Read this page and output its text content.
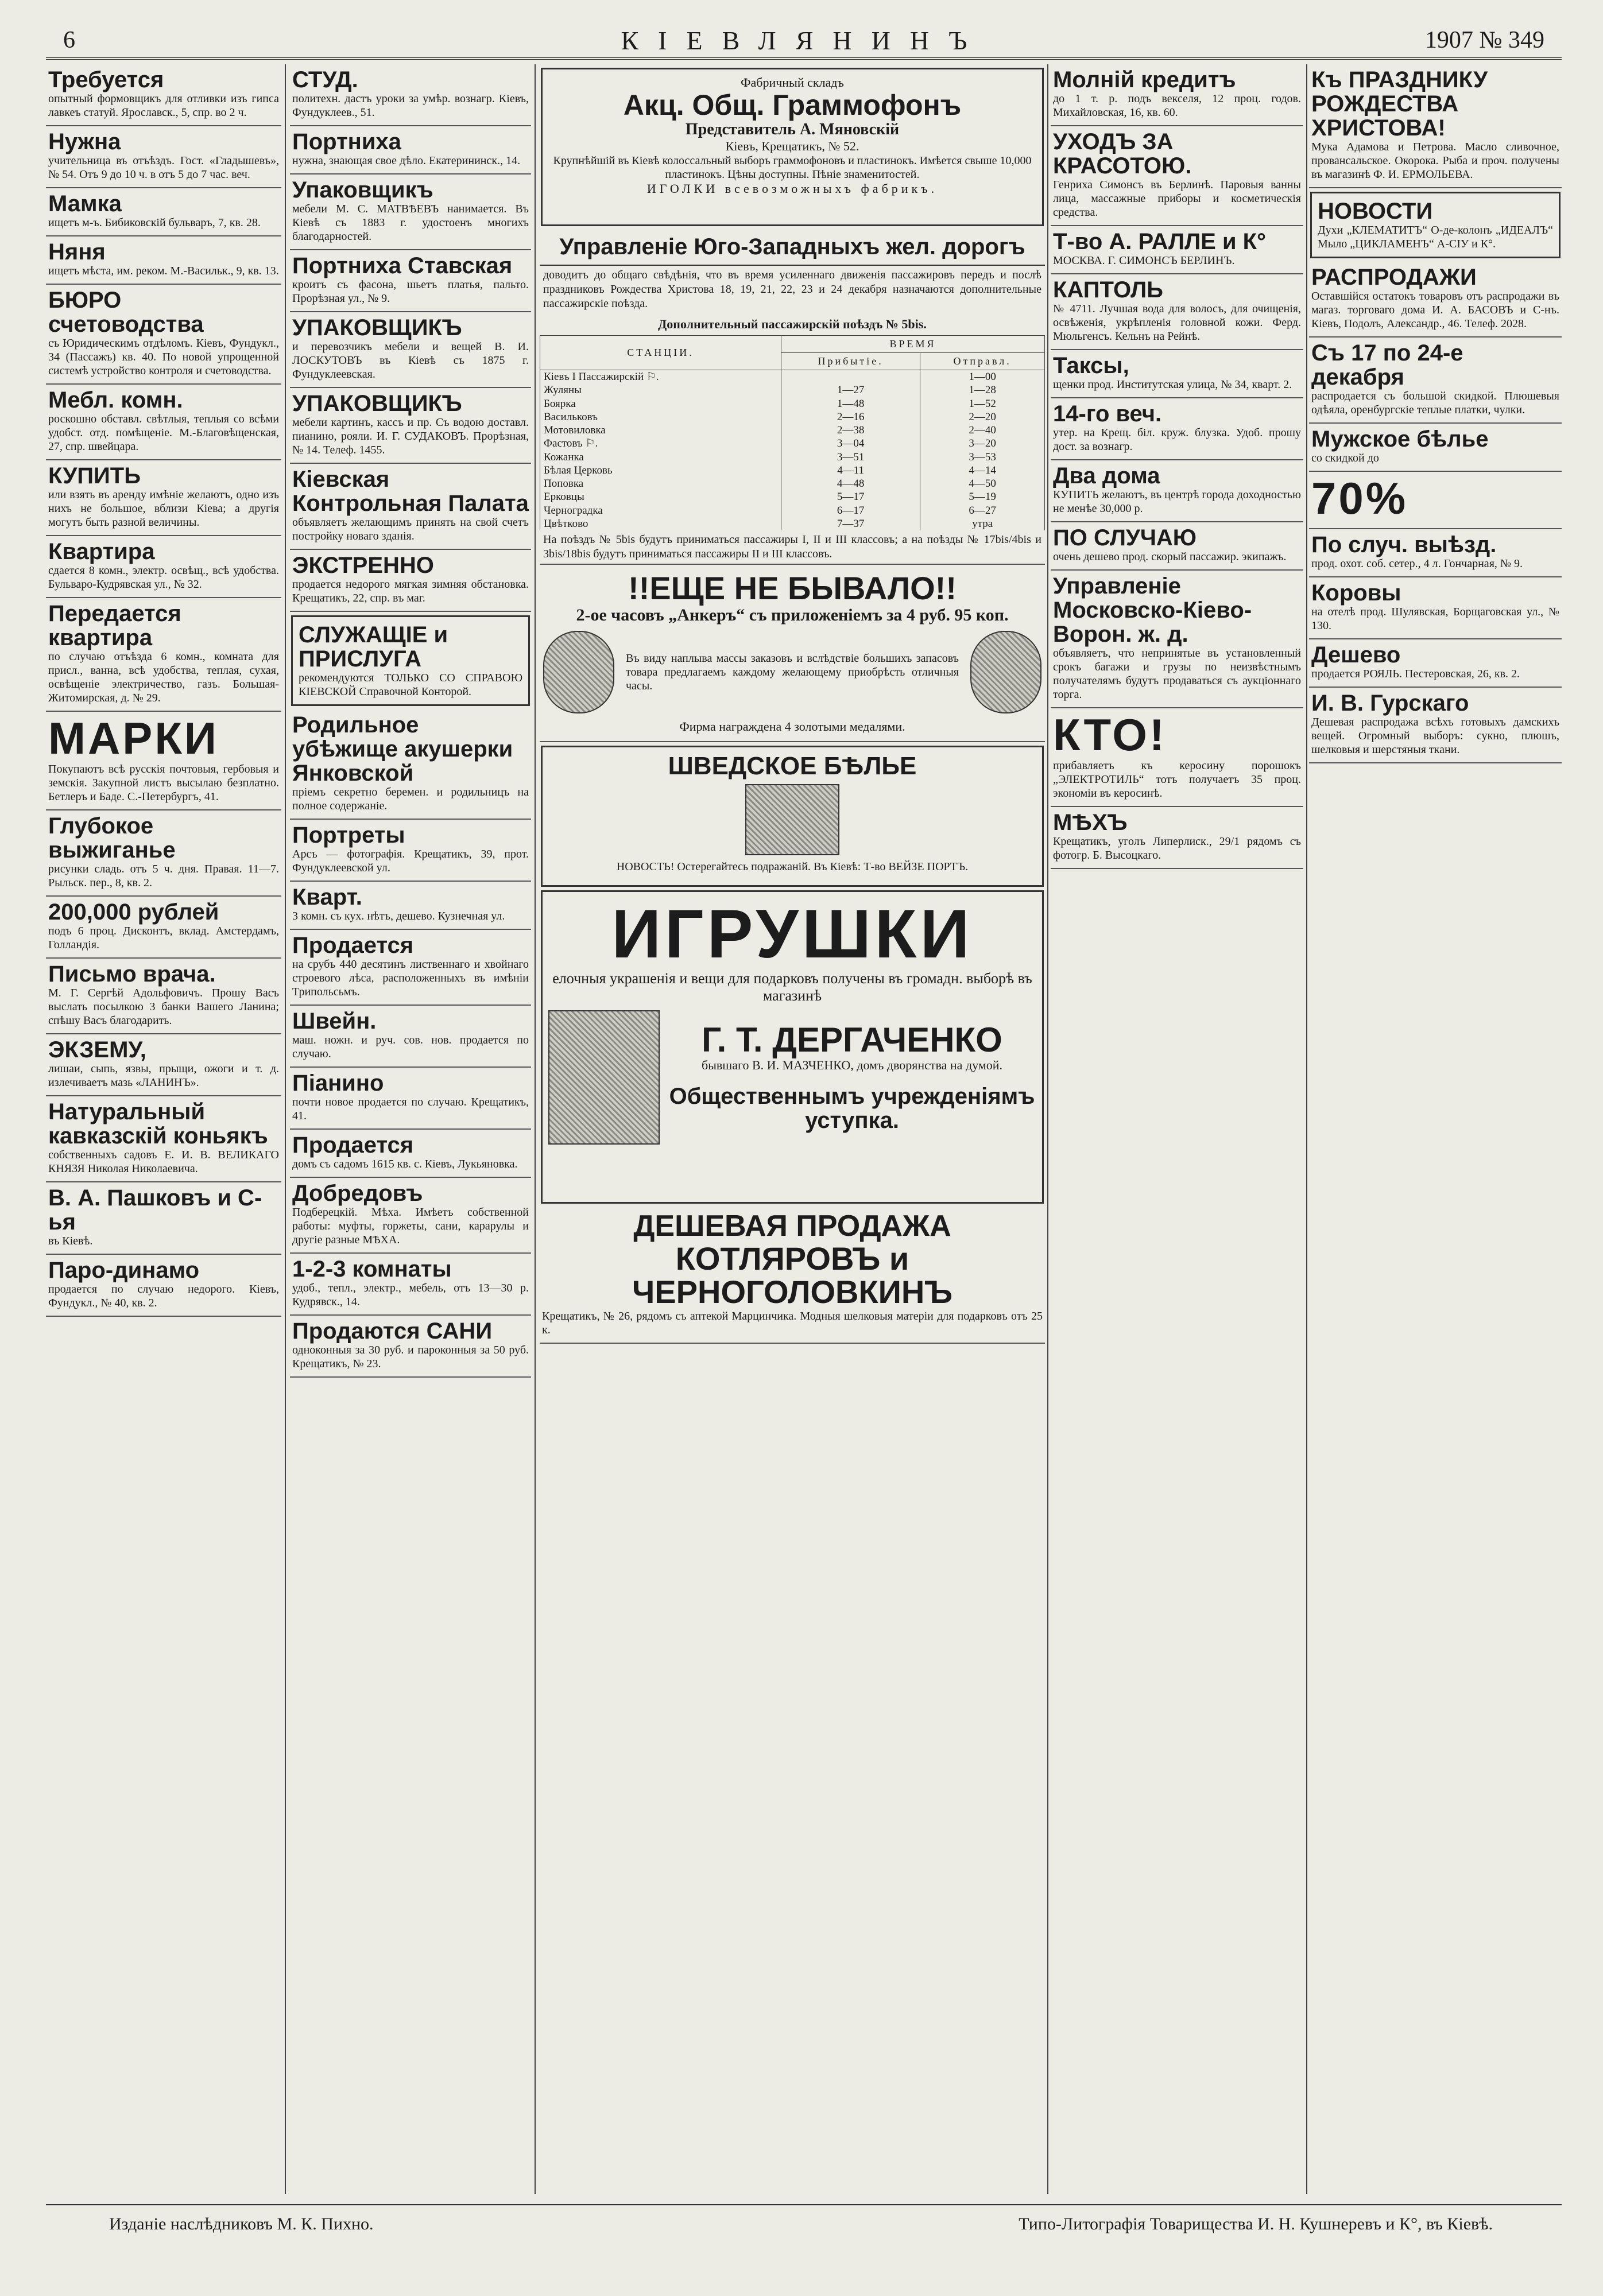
6	КІЕВЛЯНИНЪ	1907 № 349
Требуется
опытный формовщикъ для отливки изъ гипса лавкеъ статуй. Ярославск., 5, спр. во 2 ч.
Нужна
учительница въ отъѣздъ. Гост. «Гладышевъ», № 54. Отъ 9 до 10 ч. в отъ 5 до 7 час. веч.
Мамка
ищетъ м-ъ. Бибиковскій бульваръ, 7, кв. 28.
Няня
ищетъ мѣста, им. реком. М.-Васильк., 9, кв. 13.
БЮРО счетоводства
съ Юридическимъ отдѣломъ. Кіевъ, Фундукл., 34 (Пассажъ) кв. 40. По новой упрощенной системѣ устройство контроля и счетоводства.
Мебл. комн.
роскошно обставл. свѣтлыя, теплыя со всѣми удобст. отд. помѣщеніе. М.-Благовѣщенская, 27, спр. швейцара.
КУПИТЬ
или взять въ аренду имѣніе желаютъ, одно изъ нихъ не большое, вблизи Кіева; а другія могутъ быть разной величины.
Квартира
сдается 8 комн., электр. освѣщ., всѣ удобства. Бульваро-Кудрявская ул., № 32.
Передается квартира
по случаю отъѣзда 6 комн., комната для присл., ванна, всѣ удобства, теплая, сухая, освѣщеніе электричество, газъ. Большая-Житомирская, д. № 29.
МАРКИ
Покупаютъ всѣ русскія почтовыя, гербовыя и земскія. Закупной листъ высылаю безплатно. Бетлеръ и Баде. С.-Петербургъ, 41.
Глубокое выжиганье
рисунки сладь. отъ 5 ч. дня. Правая. 11—7. Рыльск. пер., 8, кв. 2.
200,000 рублей
подъ 6 проц. Дисконтъ, вклад. Амстердамъ, Голландія.
Письмо врача.
М. Г. Сергѣй Адольфовичъ. Прошу Васъ выслать посылкою 3 банки Вашего Ланина; спѣшу Васъ благодарить.
ЭКЗЕМУ,
лишаи, сыпь, язвы, прыщи, ожоги и т. д. излечиваетъ мазь «ЛАНИНЪ».
Натуральный кавказскій коньякъ
собственныхъ садовъ Е. И. В. ВЕЛИКАГО КНЯЗЯ Николая Николаевича.
В. А. Пашковъ и С-ья
въ Кіевѣ.
Паро-динамо
продается по случаю недорого. Кіевъ, Фундукл., № 40, кв. 2.
СТУД.
политехн. дастъ уроки за умѣр. вознагр. Кіевъ, Фундуклеев., 51.
Портниха
нужна, знающая свое дѣло. Екатерининск., 14.
Упаковщикъ
мебели М. С. МАТВѢЕВЪ нанимается. Въ Кіевѣ съ 1883 г. удостоенъ многихъ благодарностей.
Портниха Ставская
кроитъ съ фасона, шьетъ платья, пальто. Прорѣзная ул., № 9.
УПАКОВЩИКЪ
и перевозчикъ мебели и вещей В. И. ЛОСКУТОВЪ въ Кіевѣ съ 1875 г. Фундуклеевская.
УПАКОВЩИКЪ
мебели картинъ, кассъ и пр. Съ водою доставл. пианино, рояли. И. Г. СУДАКОВЪ. Прорѣзная, № 14. Телеф. 1455.
Кіевская Контрольная Палата
объявляетъ желающимъ принять на свой счетъ постройку новаго зданія.
ЭКСТРЕННО
продается недорого мягкая зимняя обстановка. Крещатикъ, 22, спр. въ маг.
СЛУЖАЩІЕ и ПРИСЛУГА
рекомендуются ТОЛЬКО СО СПРАВОЮ КІЕВСКОЙ Справочной Конторой.
Родильное убѣжище акушерки Янковской
пріемъ секретно беремен. и родильницъ на полное содержаніе.
Портреты
Арсъ — фотографія. Крещатикъ, 39, прот. Фундуклеевской ул.
Кварт.
3 комн. съ кух. нѣтъ, дешево. Кузнечная ул.
Продается
на срубъ 440 десятинъ лиственнаго и хвойнаго строевого лѣса, расположенныхъ въ имѣніи Трипольсьмъ.
Швейн.
маш. ножн. и руч. сов. нов. продается по случаю.
Піанино
почти новое продается по случаю. Крещатикъ, 41.
Продается
домъ съ садомъ 1615 кв. с. Кіевъ, Лукьяновка.
Добредовъ
Подберецкій. Мѣха. Имѣетъ собственной работы: муфты, горжеты, сани, карарулы и другіе разные МѢХА.
1-2-3 комнаты
удоб., тепл., электр., мебель, отъ 13—30 р. Кудрявск., 14.
Продаются САНИ
одноконныя за 30 руб. и пароконныя за 50 руб. Крещатикъ, № 23.
Фабричный складъ
Акц. Общ. Граммофонъ
Представитель А. Мяновскій
Кіевъ, Крещатикъ, № 52.
Крупнѣйшій въ Кіевѣ колоссальный выборъ граммофоновъ и пластинокъ. Имѣется свыше 10,000 пластинокъ. Цѣны доступны. Пѣніе знаменитостей.
ИГОЛКИ всевозможныхъ фабрикъ.
Управленіе Юго-Западныхъ жел. дорогъ
доводитъ до общаго свѣдѣнія, что въ время усиленнаго движенія пассажировъ передъ и послѣ праздниковъ Рождества Христова 18, 19, 21, 22, 23 и 24 декабря назначаются дополнительные пассажирскіе поѣзда.
Дополнительный пассажирскій поѣздъ № 5bis.
СТАНЦІИ.	ВРЕМЯ	
	Прибытіе.	Отправл.
Кіевъ I Пассажирскій ⚐.		1—00
Жуляны	1—27	1—28
Боярка	1—48	1—52
Васильковъ	2—16	2—20
Мотовиловка	2—38	2—40
Фастовъ ⚐.	3—04	3—20
Кожанка	3—51	3—53
Бѣлая Церковь	4—11	4—14
Поповка	4—48	4—50
Ерковцы	5—17	5—19
Черноградка	6—17	6—27
Цвѣтково	7—37	утра
На поѣздъ № 5bis будутъ приниматься пассажиры I, II и III классовъ; а на поѣзды № 17bis/4bis и 3bis/18bis будутъ приниматься пассажиры II и III классовъ.
!!ЕЩЕ НЕ БЫВАЛО!!
2-ое часовъ „Анкеръ“ съ приложеніемъ за 4 руб. 95 коп.
Въ виду наплыва массы заказовъ и вслѣдствіе большихъ запасовъ товара предлагаемъ каждому желающему приобрѣсть отличныя часы.
Фирма награждена 4 золотыми медалями.
ШВЕДСКОЕ БѢЛЬЕ
НОВОСТЬ! Остерегайтесь подражаній. Въ Кіевѣ: Т-во ВЕЙЗЕ ПОРТЪ.
ИГРУШКИ
елочныя украшенія и вещи для подарковъ получены въ громадн. выборѣ въ магазинѣ
Г. Т. ДЕРГАЧЕНКО
бывшаго В. И. МАЗЧЕНКО, домъ дворянства на думой.
Общественнымъ учрежденіямъ уступка.
ДЕШЕВАЯ ПРОДАЖА
КОТЛЯРОВЪ и ЧЕРНОГОЛОВКИНЪ
Крещатикъ, № 26, рядомъ съ аптекой Марцинчика. Модныя шелковыя матеріи для подарковъ отъ 25 к.
Молній кредитъ
до 1 т. р. подъ векселя, 12 проц. годов. Михайловская, 16, кв. 60.
УХОДЪ ЗА КРАСОТОЮ.
Генриха Симонсъ въ Берлинѣ. Паровыя ванны лица, массажные приборы и косметическія средства.
Т-во А. РАЛЛЕ и К°
МОСКВА. Г. СИМОНСЪ БЕРЛИНЪ.
КАПТОЛЬ
№ 4711. Лучшая вода для волосъ, для очищенія, освѣженія, укрѣпленія головной кожи. Ферд. Мюльгенсъ. Кельнъ на Рейнѣ.
Таксы,
щенки прод. Институтская улица, № 34, кварт. 2.
14-го веч.
утер. на Крещ. біл. круж. блузка. Удоб. прошу дост. за вознагр.
Два дома
КУПИТЬ желаютъ, въ центрѣ города доходностью не менѣе 30,000 р.
ПО СЛУЧАЮ
очень дешево прод. скорый пассажир. экипажъ.
Управленіе Московско-Кіево-Ворон. ж. д.
объявляетъ, что непринятые въ установленный срокъ багажи и грузы по неизвѣстнымъ получателямъ будутъ продаваться съ аукціоннаго торга.
КТО!
прибавляетъ къ керосину порошокъ „ЭЛЕКТРОТИЛЬ“ тотъ получаетъ 35 проц. экономіи въ керосинѣ.
МѢХЪ
Крещатикъ, уголъ Липерлиск., 29/1 рядомъ съ фотогр. Б. Высоцкаго.
Къ ПРАЗДНИКУ РОЖДЕСТВА ХРИСТОВА!
Мука Адамова и Петрова. Масло сливочное, провансальское. Окорока. Рыба и проч. получены въ магазинѣ Ф. И. ЕРМОЛЬЕВА.
НОВОСТИ
Духи „КЛЕМАТИТЪ“ О-де-колонъ „ИДЕАЛЪ“ Мыло „ЦИКЛАМЕНЪ“ А-СІУ и К°.
РАСПРОДАЖИ
Оставшійся остатокъ товаровъ отъ распродажи въ магаз. торговаго дома И. А. БАСОВЪ и С-нъ. Кіевъ, Подолъ, Александр., 46. Телеф. 2028.
Съ 17 по 24-е декабря
распродается съ большой скидкой. Плюшевыя одѣяла, оренбургскіе теплые платки, чулки.
Мужское бѣлье
со скидкой до
70%
По случ. выѣзд.
прод. охот. соб. сетер., 4 л. Гончарная, № 9.
Коровы
на отелѣ прод. Шулявская, Борщаговская ул., № 130.
Дешево
продается РОЯЛЬ. Пестеровская, 26, кв. 2.
И. В. Гурскаго
Дешевая распродажа всѣхъ готовыхъ дамскихъ вещей. Огромный выборъ: сукно, плюшъ, шелковыя и шерстяныя ткани.
Изданіе наслѣдниковъ М. К. Пихно.	Типо-Литографія Товарищества И. Н. Кушнеревъ и К°, въ Кіевѣ.
